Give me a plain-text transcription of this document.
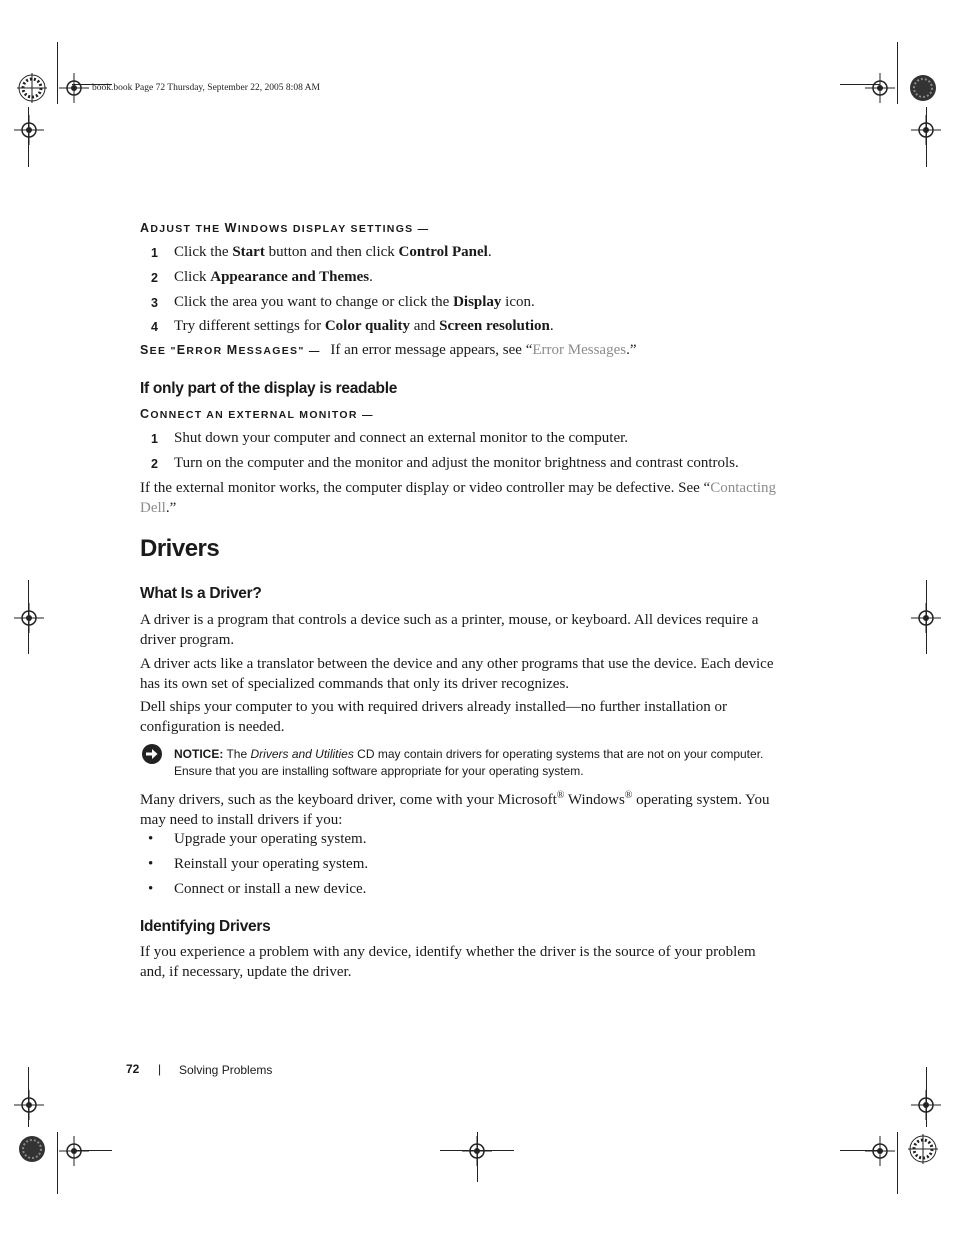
book.book Page 72 Thursday, September 22, 2005 8:08 AM
ADJUST THE WINDOWS DISPLAY SETTINGS —
1 Click the Start button and then click Control Panel.
2 Click Appearance and Themes.
3 Click the area you want to change or click the Display icon.
4 Try different settings for Color quality and Screen resolution.
SEE "ERROR MESSAGES" — If an error message appears, see “Error Messages.”
If only part of the display is readable
CONNECT AN EXTERNAL MONITOR —
1 Shut down your computer and connect an external monitor to the computer.
2 Turn on the computer and the monitor and adjust the monitor brightness and contrast controls.
If the external monitor works, the computer display or video controller may be defective. See “Contacting
Dell.”
Drivers
What Is a Driver?
A driver is a program that controls a device such as a printer, mouse, or keyboard. All devices require a
driver program.
A driver acts like a translator between the device and any other programs that use the device. Each device
has its own set of specialized commands that only its driver recognizes.
Dell ships your computer to you with required drivers already installed—no further installation or
configuration is needed.
NOTICE: The Drivers and Utilities CD may contain drivers for operating systems that are not on your computer.
Ensure that you are installing software appropriate for your operating system.
Many drivers, such as the keyboard driver, come with your Microsoft® Windows® operating system. You
may need to install drivers if you:
• Upgrade your operating system.
• Reinstall your operating system.
• Connect or install a new device.
Identifying Drivers
If you experience a problem with any device, identify whether the driver is the source of your problem
and, if necessary, update the driver.
72 | Solving Problems
